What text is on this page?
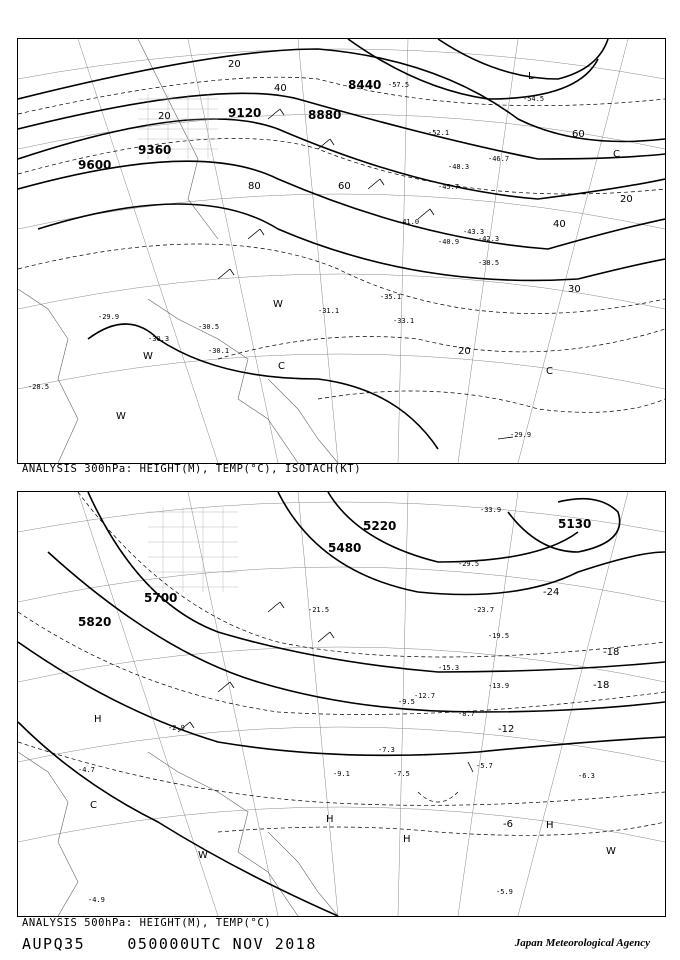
8440
8880
9120
9360
9600
20
40
60
80
20
60
40
20
30
20
-54.5
-57.5
-52.1
-48.3
-45.7
-46.7
-43.3
-41.0
-40.9	-42.3
-38.5
-35.1
-33.1
-31.1
-30.5
-30.1
-29.9
-30.3
-29.9
-28.5
C
W
W
W
C	C
L
ANALYSIS 300hPa: HEIGHT(M), TEMP(°C), ISOTACH(KT)
5130
5220
5480
5700
5820
-24
-18
-18
-12
-6
-33.9
-29.5
-23.7
-21.5
-19.5
-15.3
-13.9
-12.7
-8.7
-7.3
-7.5
-5.7
-5.9
-6.3
-4.7
-4.9
-2.9
-9.5
-9.1
H
H
H
H
W	W
C
ANALYSIS 500hPa: HEIGHT(M), TEMP(°C)
AUPQ35	050000UTC NOV 2018	Japan Meteorological Agency
